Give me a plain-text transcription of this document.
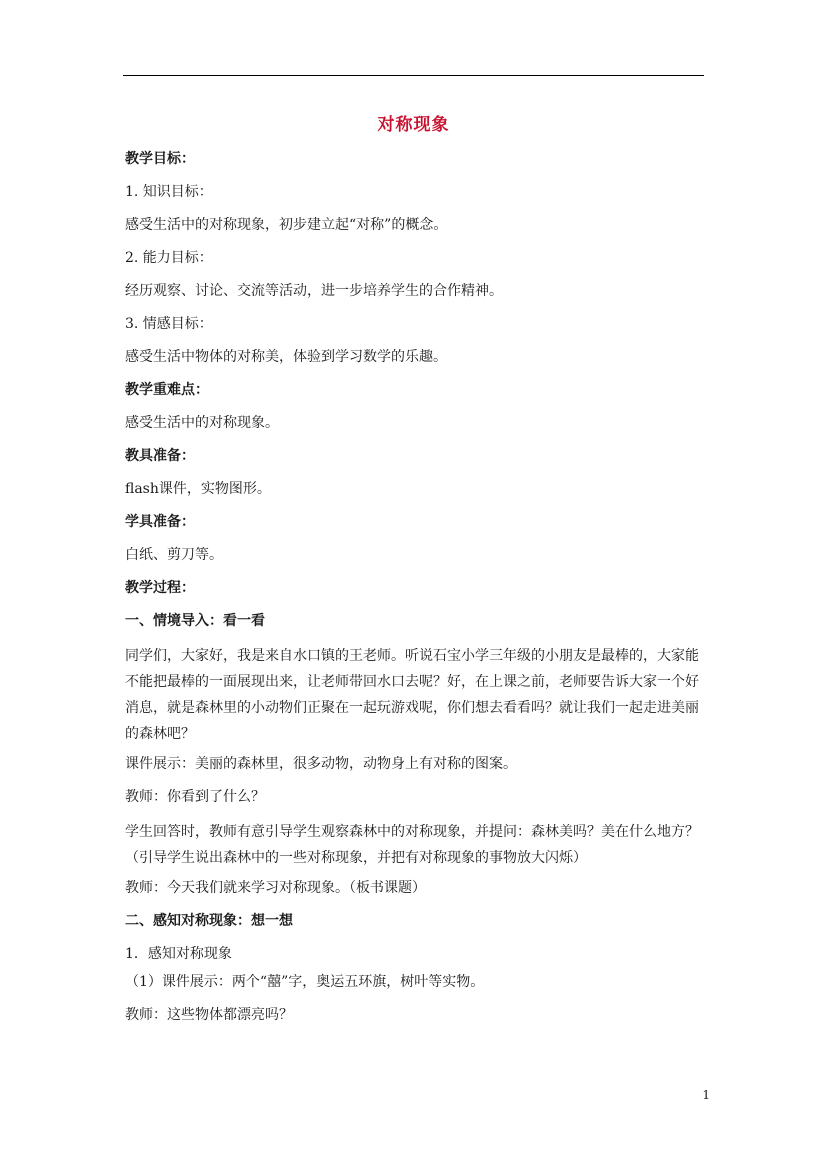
对称现象

教学目标：

1. 知识目标：

感受生活中的对称现象，初步建立起“对称”的概念。

2. 能力目标：

经历观察、讨论、交流等活动，进一步培养学生的合作精神。

3. 情感目标：

感受生活中物体的对称美，体验到学习数学的乐趣。

教学重难点：

感受生活中的对称现象。

教具准备：

flash课件，实物图形。

学具准备：

白纸、剪刀等。

教学过程：

一、情境导入：看一看

同学们，大家好，我是来自水口镇的王老师。听说石宝小学三年级的小朋友是最棒的，大家能不能把最棒的一面展现出来，让老师带回水口去呢？好，在上课之前，老师要告诉大家一个好消息，就是森林里的小动物们正聚在一起玩游戏呢，你们想去看看吗？就让我们一起走进美丽的森林吧？

课件展示：美丽的森林里，很多动物，动物身上有对称的图案。

教师：你看到了什么？

学生回答时，教师有意引导学生观察森林中的对称现象，并提问：森林美吗？美在什么地方？（引导学生说出森林中的一些对称现象，并把有对称现象的事物放大闪烁）

教师：今天我们就来学习对称现象。（板书课题）

二、感知对称现象：想一想

1．感知对称现象

（1）课件展示：两个“囍”字，奥运五环旗，树叶等实物。

教师：这些物体都漂亮吗？

1
